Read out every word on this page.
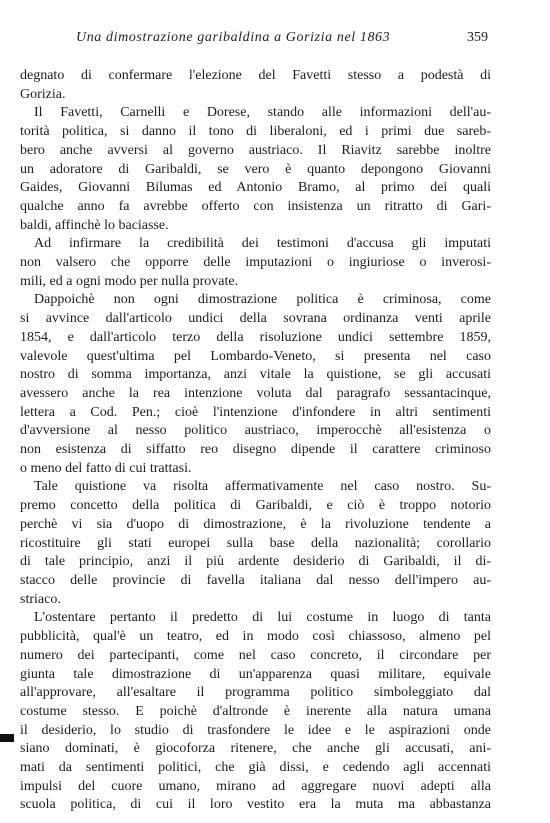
Una dimostrazione garibaldina a Gorizia nel 1863	359
degnato di confermare l'elezione del Favetti stesso a podestà di
Gorizia.
Il Favetti, Carnelli e Dorese, stando alle informazioni dell'au-
torità politica, si danno il tono di liberaloni, ed i primi due sareb-
bero anche avversi al governo austriaco. Il Riavitz sarebbe inoltre
un adoratore di Garibaldi, se vero è quanto depongono Giovanni
Gaides, Giovanni Bilumas ed Antonio Bramo, al primo dei quali
qualche anno fa avrebbe offerto con insistenza un ritratto di Gari-
baldi, affinchè lo baciasse.
Ad infirmare la credibilità dei testimoni d'accusa gli imputati
non valsero che opporre delle imputazioni o ingiuriose o inverosi-
mili, ed a ogni modo per nulla provate.
Dappoichè non ogni dimostrazione politica è criminosa, come
si avvince dall'articolo undici della sovrana ordinanza venti aprile
1854, e dall'articolo terzo della risoluzione undici settembre 1859,
valevole quest'ultima pel Lombardo-Veneto, si presenta nel caso
nostro di somma importanza, anzi vitale la quistione, se gli accusati
avessero anche la rea intenzione voluta dal paragrafo sessantacinque,
lettera a Cod. Pen.; cioè l'intenzione d'infondere in altri sentimenti
d'avversione al nesso politico austriaco, imperocchè all'esistenza o
non esistenza di siffatto reo disegno dipende il carattere criminoso
o meno del fatto di cui trattasi.
Tale quistione va risolta affermativamente nel caso nostro. Su-
premo concetto della politica di Garibaldi, e ciò è troppo notorio
perchè vi sia d'uopo di dimostrazione, è la rivoluzione tendente a
ricostituire gli stati europei sulla base della nazionalità; corollario
di tale principio, anzi il più ardente desiderio di Garibaldi, il di-
stacco delle provincie di favella italiana dal nesso dell'impero au-
striaco.
L'ostentare pertanto il predetto di lui costume in luogo di tanta
pubblicità, qual'è un teatro, ed in modo così chiassoso, almeno pel
numero dei partecipanti, come nel caso concreto, il circondare per
giunta tale dimostrazione di un'apparenza quasi militare, equivale
all'approvare, all'esaltare il programma politico simboleggiato dal
costume stesso. E poichè d'altronde è inerente alla natura umana
il desiderio, lo studio di trasfondere le idee e le aspirazioni onde
siano dominati, è giocoforza ritenere, che anche gli accusati, ani-
mati da sentimenti politici, che già dissi, e cedendo agli accennati
impulsi del cuore umano, mirano ad aggregare nuovi adepti alla
scuola politica, di cui il loro vestito era la muta ma abbastanza
